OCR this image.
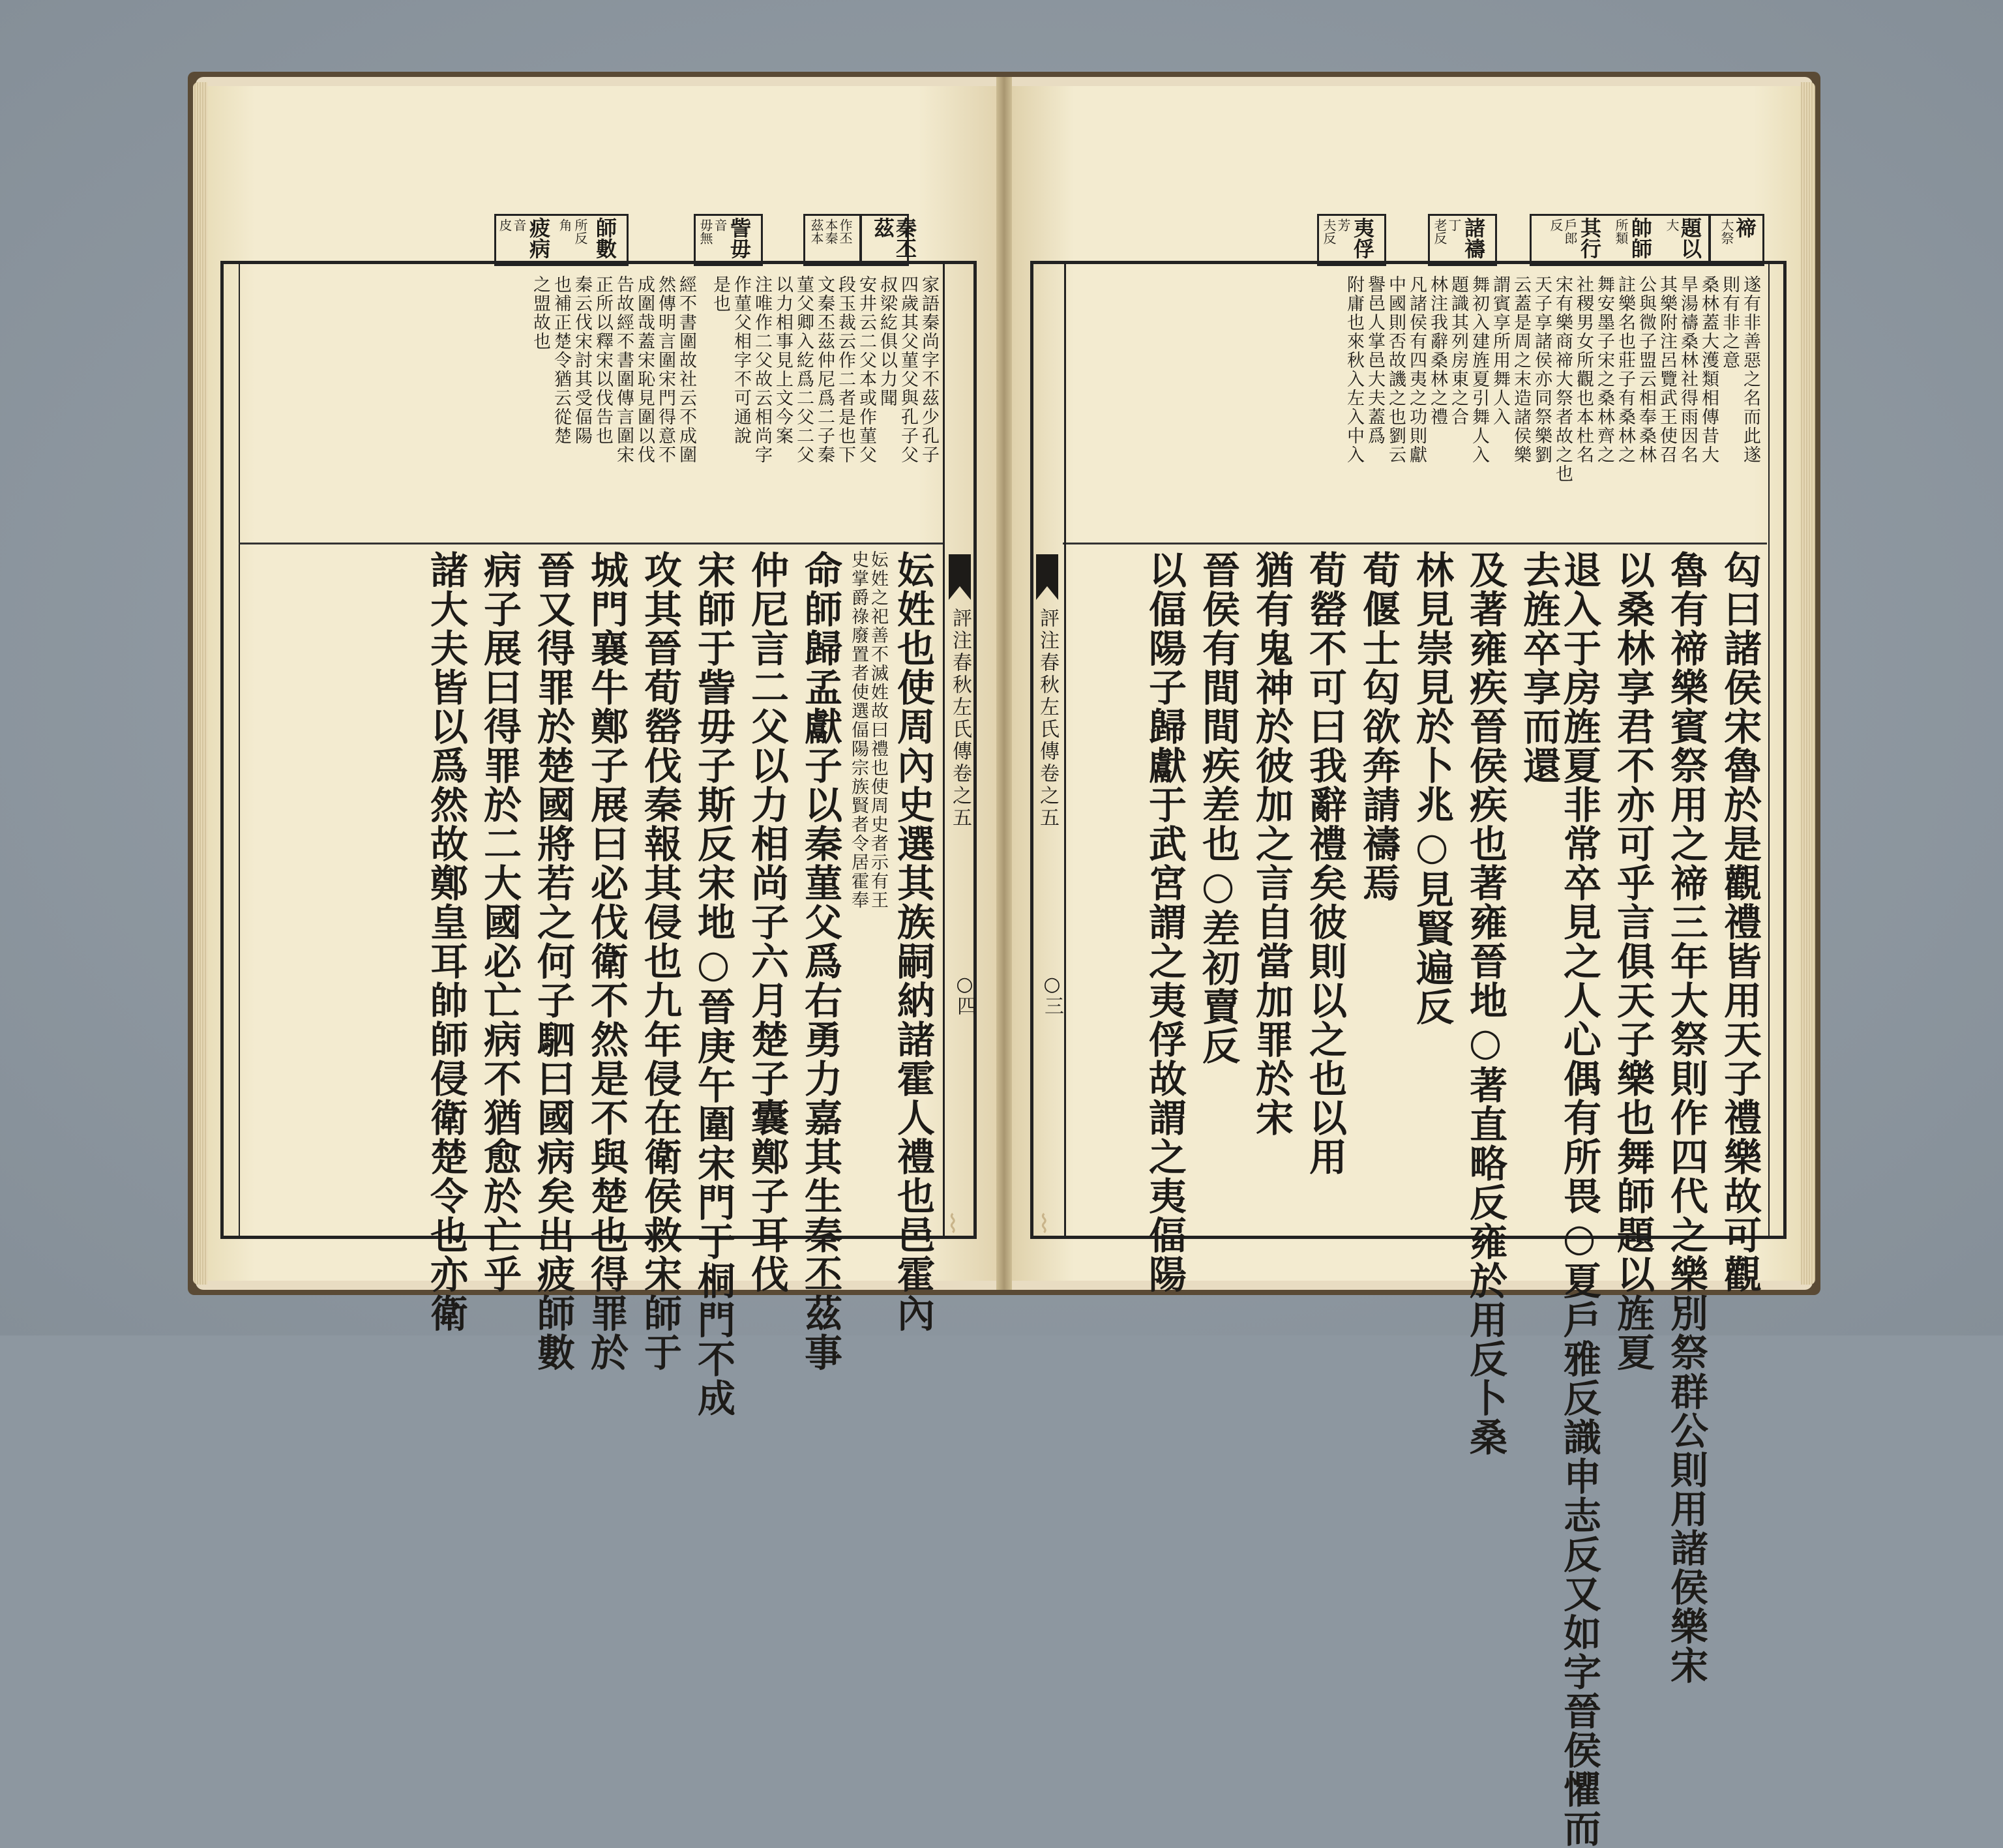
評注春秋左氏傳卷之五
○四
秦丕茲
作丕
本秦
茲本
訾毋
音
毋無
師數
所反
角
疲病
音
皮
家語秦尚字不茲少孔子
四歲其父菫父與孔子父
叔梁紇俱以力聞
安井云二父本或作菫父
段玉裁云作二者是也下
文秦丕茲仲尼爲二子秦
菫父卿入紇爲二父二父
以力相事見上文今案
注唯作二父故云相尚字
作菫父相字不可通說
是也
經不書圍故社云不成圍
然傳明言圍宋門得意不
成圍哉蓋宋恥見圍以伐
告故經不書圍傳言圍宋
正所以釋宋以伐告也
秦云伐宋討其受偪陽
也補正楚令猶云從楚
之盟故也
妘姓也使周內史選其族嗣納諸霍人禮也邑霍內
妘姓之祀善不滅姓故曰禮也使周史者示有王
史掌爵祿廢置者使選偪陽宗族賢者令居霍奉
命師歸孟獻子以秦菫父爲右勇力嘉其生秦丕茲事
仲尼言二父以力相尚子六月楚子囊鄭子耳伐
宋師于訾毋子斯反宋地○晉庚午圍宋門于桐門不成
攻其晉荀罃伐秦報其侵也九年侵在衛侯救宋師于
城門襄牛鄭子展曰必伐衛不然是不與楚也得罪於
晉又得罪於楚國將若之何子駟曰國病矣出疲師數
病子展曰得罪於二大國必亡病不猶愈於亡乎
諸大夫皆以爲然故鄭皇耳帥師侵衛楚令也亦衛	評注春秋左氏傳卷之五
○三
禘
大祭
題以
大
帥師
所類
其行
戶郎
反
諸禱
丁
老反
夷俘
芳
夫反
遂有非善惡之名而此遂
則有非之意
桑林蓋大濩類相傳昔大
旱湯禱桑林社得雨因名
其樂附注呂覽武王使召
公與微子盟云相奉桑林
註樂名也莊子有桑林之
舞安墨子宋之桑林齊之
社稷男女所觀也本杜名
宋有樂商禘大祭者故之也
天子享諸侯亦同祭樂劉
云蓋是周之末造諸侯樂
謂賓享所用舞人入
舞初入建旌夏引舞人入
題識其列房東之合
林注我辭桑林之禮
凡諸侯有四夷之功則獻
中國則否故譏之也劉云
譽邑人掌邑大夫蓋爲
附庸也來秋入左入中入
匃曰諸侯宋魯於是觀禮皆用天子禮樂故可觀
魯有禘樂賓祭用之禘三年大祭則作四代之樂別祭群公則用諸侯樂宋
以桑林享君不亦可乎言俱天子樂也舞師題以旌夏
退入于房旌夏非常卒見之人心偶有所畏○夏戶雅反識申志反又如字晉侯懼而
去旌卒享而還
及著雍疾晉侯疾也著雍晉地○著直略反雍於用反卜桑
林見崇見於卜兆○見賢遍反
荀偃士匃欲奔請禱焉
荀罃不可曰我辭禮矣彼則以之也以用
猶有鬼神於彼加之言自當加罪於宋
晉侯有間間疾差也○差初賣反
以偪陽子歸獻于武宮謂之夷俘故謂之夷偪陽
⌇	⌇
